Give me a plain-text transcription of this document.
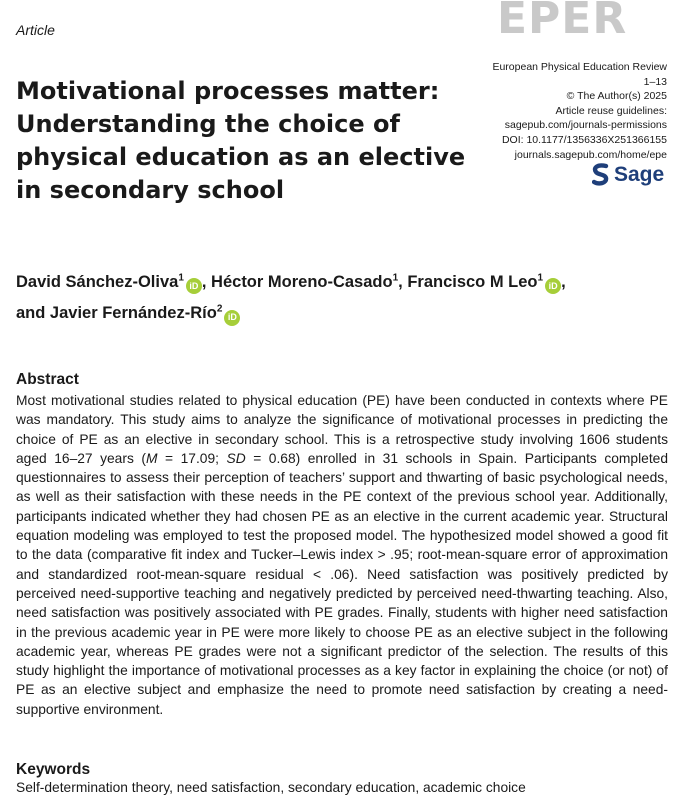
Article	EPER
European Physical Education Review
1–13
© The Author(s) 2025
Article reuse guidelines:
sagepub.com/journals-permissions
DOI: 10.1177/1356336X251366155
journals.sagepub.com/home/epe
Sage
Motivational processes matter: Understanding the choice of physical education as an elective in secondary school
David Sánchez-Oliva$^1$iD , Héctor Moreno-Casado$^1$, Francisco M Leo$^1$iD ,
and Javier Fernández-Río$^2$iD
Abstract

Most motivational studies related to physical education (PE) have been conducted in contexts where PE was mandatory. This study aims to analyze the significance of motivational processes in predicting the choice of PE as an elective in secondary school. This is a retrospective study involving 1606 students aged 16–27 years (M = 17.09; SD = 0.68) enrolled in 31 schools in Spain. Participants completed questionnaires to assess their perception of teachers’ support and thwarting of basic psychological needs, as well as their satisfaction with these needs in the PE context of the previous school year. Additionally, participants indicated whether they had chosen PE as an elective in the current academic year. Structural equation modeling was employed to test the proposed model. The hypothesized model showed a good fit to the data (comparative fit index and Tucker–Lewis index > .95; root-mean-square error of approximation and standardized root-mean-square residual < .06). Need satisfaction was positively predicted by perceived need-supportive teaching and negatively predicted by perceived need-thwarting teaching. Also, need satisfaction was positively associated with PE grades. Finally, students with higher need satisfaction in the previous academic year in PE were more likely to choose PE as an elective subject in the following academic year, whereas PE grades were not a significant predictor of the selection. The results of this study highlight the importance of motivational processes as a key factor in explaining the choice (or not) of PE as an elective subject and emphasize the need to promote need satisfaction by creating a need-supportive environment.

Keywords
Self-determination theory, need satisfaction, secondary education, academic choice
